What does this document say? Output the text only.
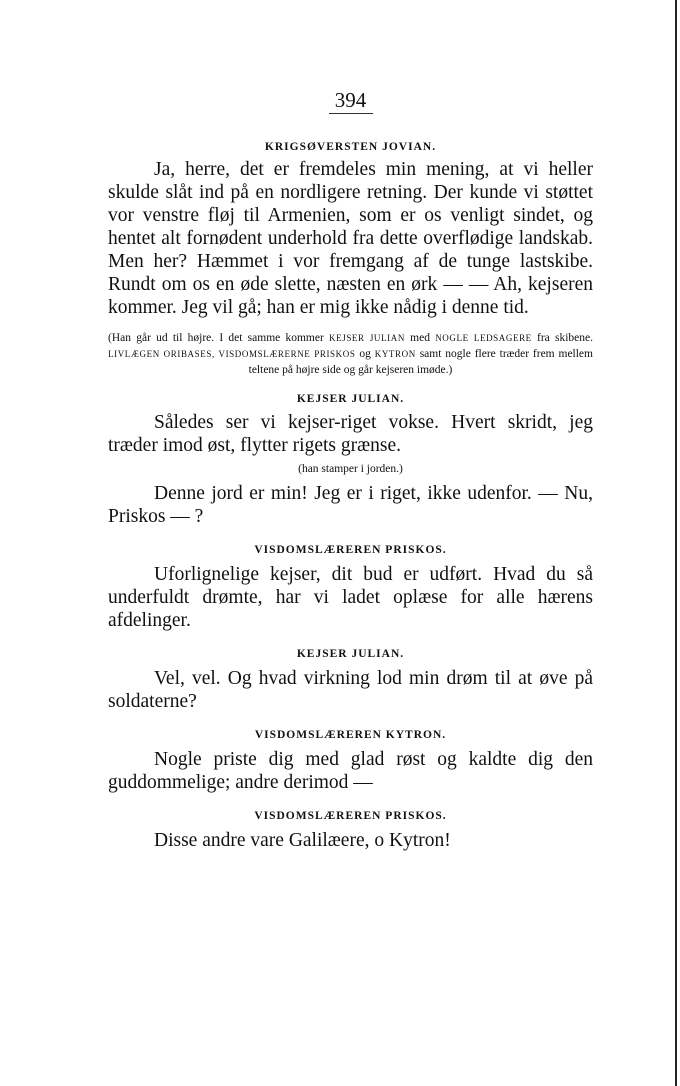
394

KRIGSØVERSTEN JOVIAN.

Ja, herre, det er fremdeles min mening, at vi heller skulde slåt ind på en nordligere retning. Der kunde vi støttet vor venstre fløj til Armenien, som er os venligt sindet, og hentet alt fornødent underhold fra dette overflødige landskab. Men her? Hæmmet i vor fremgang af de tunge lastskibe. Rundt om os en øde slette, næsten en ørk — — Ah, kejseren kommer. Jeg vil gå; han er mig ikke nådig i denne tid.

(Han går ud til højre. I det samme kommer KEJSER JULIAN med NOGLE LEDSAGERE fra skibene. LIVLÆGEN ORIBASES, VISDOMSLÆRERNE PRISKOS og KYTRON samt nogle flere træder frem mellem teltene på højre side og går kejseren imøde.)

KEJSER JULIAN.

Således ser vi kejser-riget vokse. Hvert skridt, jeg træder imod øst, flytter rigets grænse.

(han stamper i jorden.)

Denne jord er min! Jeg er i riget, ikke udenfor. — Nu, Priskos — ?

VISDOMSLÆREREN PRISKOS.

Uforlignelige kejser, dit bud er udført. Hvad du så underfuldt drømte, har vi ladet oplæse for alle hærens afdelinger.

KEJSER JULIAN.

Vel, vel. Og hvad virkning lod min drøm til at øve på soldaterne?

VISDOMSLÆREREN KYTRON.

Nogle priste dig med glad røst og kaldte dig den guddommelige; andre derimod —

VISDOMSLÆREREN PRISKOS.

Disse andre vare Galilæere, o Kytron!
